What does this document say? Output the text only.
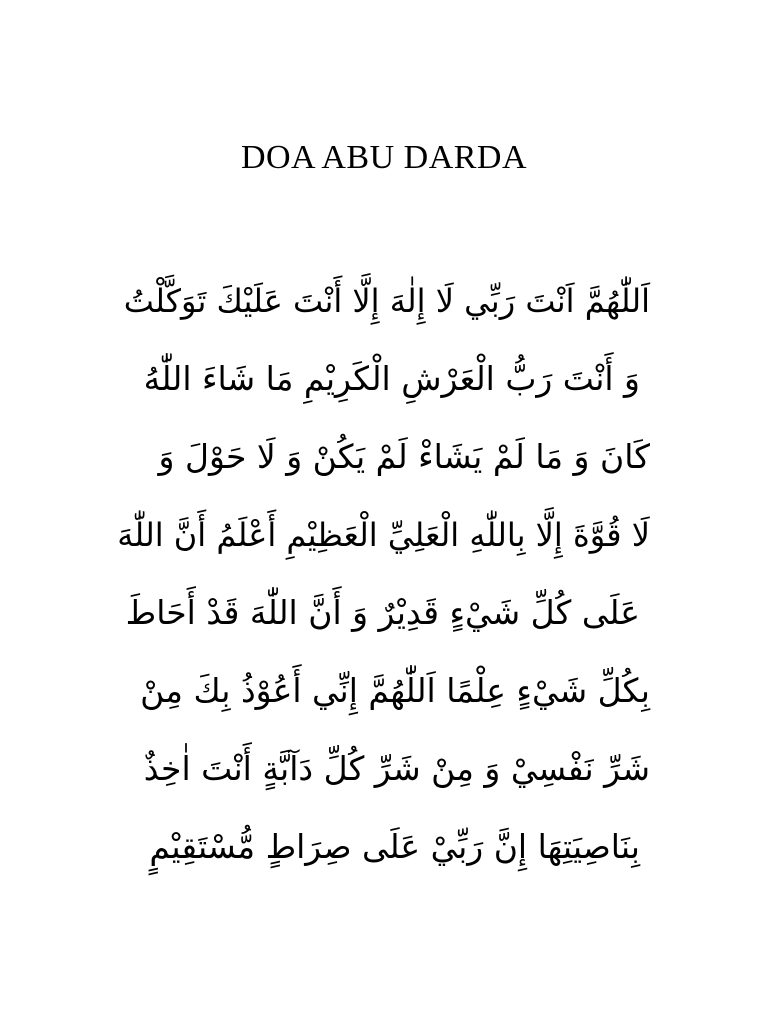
DOA ABU DARDA
اَللّٰهُمَّ اَنْتَ رَبِّي لَا إِلٰهَ إِلَّا أَنْتَ عَلَيْكَ تَوَكَّلْتُ
وَ أَنْتَ رَبُّ الْعَرْشِ الْكَرِيْمِ مَا شَاءَ اللّٰهُ
كَانَ وَ مَا لَمْ يَشَاءْ لَمْ يَكُنْ وَ لَا حَوْلَ وَ
لَا قُوَّةَ إِلَّا بِاللّٰهِ الْعَلِيِّ الْعَظِيْمِ أَعْلَمُ أَنَّ اللّٰهَ
عَلَى كُلِّ شَيْءٍ قَدِيْرٌ وَ أَنَّ اللّٰهَ قَدْ أَحَاطَ
بِكُلِّ شَيْءٍ عِلْمًا اَللّٰهُمَّ إِنِّي أَعُوْذُ بِكَ مِنْ
شَرِّ نَفْسِيْ وَ مِنْ شَرِّ كُلِّ دَآبَّةٍ أَنْتَ اٰخِذٌ
بِنَاصِيَتِهَا إِنَّ رَبِّيْ عَلَى صِرَاطٍ مُّسْتَقِيْمٍ
